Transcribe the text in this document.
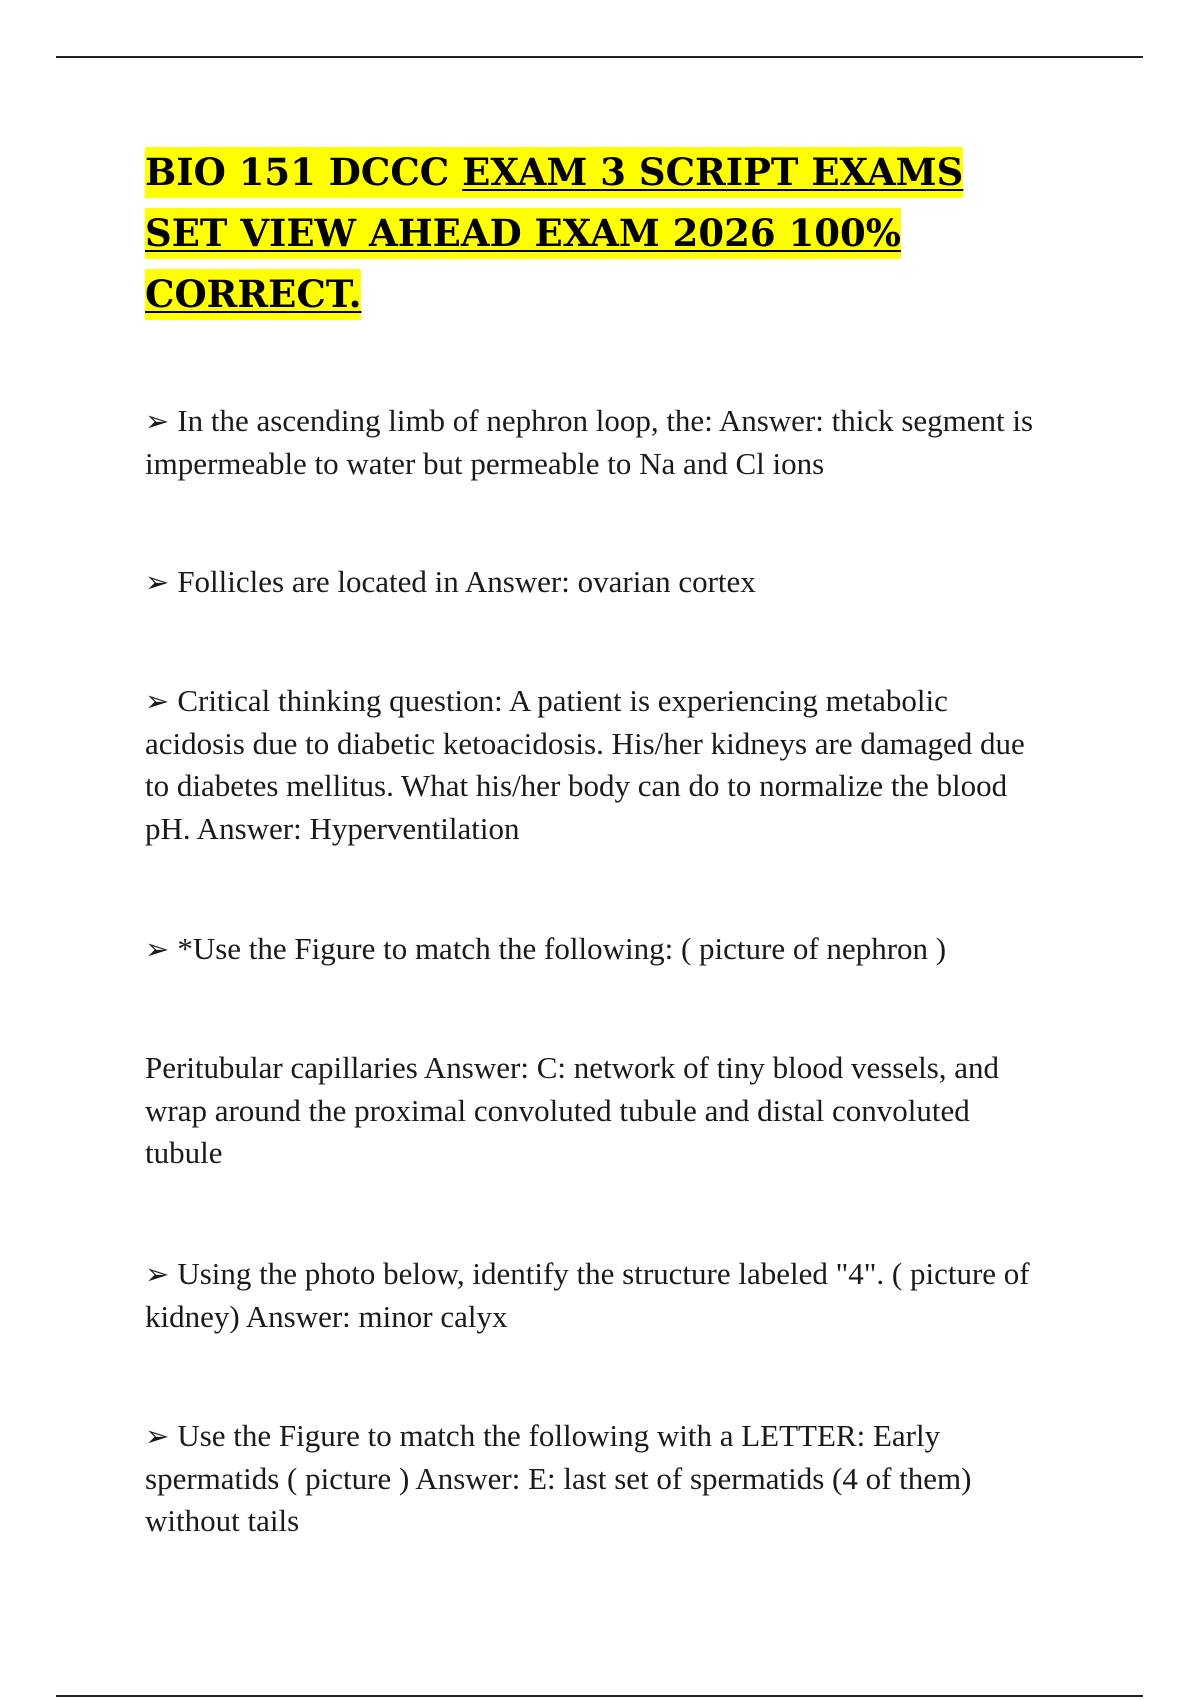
BIO 151 DCCC EXAM 3 SCRIPT EXAMS SET VIEW AHEAD EXAM 2026 100% CORRECT.

➢ In the ascending limb of nephron loop, the: Answer: thick segment is impermeable to water but permeable to Na and Cl ions

➢ Follicles are located in Answer: ovarian cortex

➢ Critical thinking question: A patient is experiencing metabolic acidosis due to diabetic ketoacidosis. His/her kidneys are damaged due to diabetes mellitus. What his/her body can do to normalize the blood pH. Answer: Hyperventilation

➢ *Use the Figure to match the following: ( picture of nephron )

Peritubular capillaries Answer: C: network of tiny blood vessels, and wrap around the proximal convoluted tubule and distal convoluted tubule

➢ Using the photo below, identify the structure labeled "4". ( picture of kidney) Answer: minor calyx

➢ Use the Figure to match the following with a LETTER: Early spermatids ( picture ) Answer: E: last set of spermatids (4 of them) without tails
